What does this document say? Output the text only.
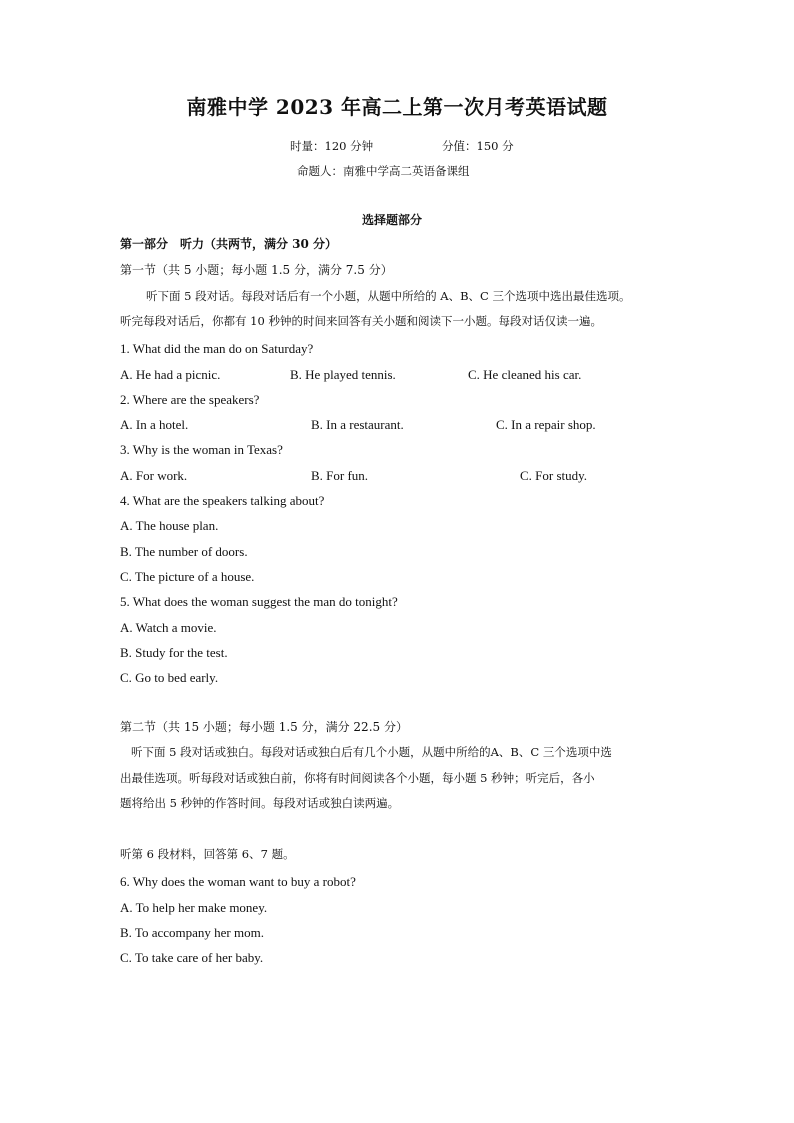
南雅中学 2023 年高二上第一次月考英语试题
时量：120 分钟	分值：150 分
命题人：南雅中学高二英语备课组
选择题部分
第一部分　听力（共两节，满分 30 分）
第一节（共 5 小题；每小题 1.5 分，满分 7.5 分）
听下面 5 段对话。每段对话后有一个小题，从题中所给的 A、B、C 三个选项中选出最佳选项。
听完每段对话后，你都有 10 秒钟的时间来回答有关小题和阅读下一小题。每段对话仅读一遍。
1. What did the man do on Saturday?
A. He had a picnic.	B. He played tennis.	C. He cleaned his car.
2. Where are the speakers?
A. In a hotel.	B. In a restaurant.	C. In a repair shop.
3. Why is the woman in Texas?
A. For work.	B. For fun.	C. For study.
4. What are the speakers talking about?
A. The house plan.
B. The number of doors.
C. The picture of a house.
5. What does the woman suggest the man do tonight?
A. Watch a movie.
B. Study for the test.
C. Go to bed early.
第二节（共 15 小题；每小题 1.5 分，满分 22.5 分）
听下面 5 段对话或独白。每段对话或独白后有几个小题，从题中所给的A、B、C 三个选项中选
出最佳选项。听每段对话或独白前，你将有时间阅读各个小题，每小题 5 秒钟；听完后，各小
题将给出 5 秒钟的作答时间。每段对话或独白读两遍。
听第 6 段材料，回答第 6、7 题。
6. Why does the woman want to buy a robot?
A. To help her make money.
B. To accompany her mom.
C. To take care of her baby.
